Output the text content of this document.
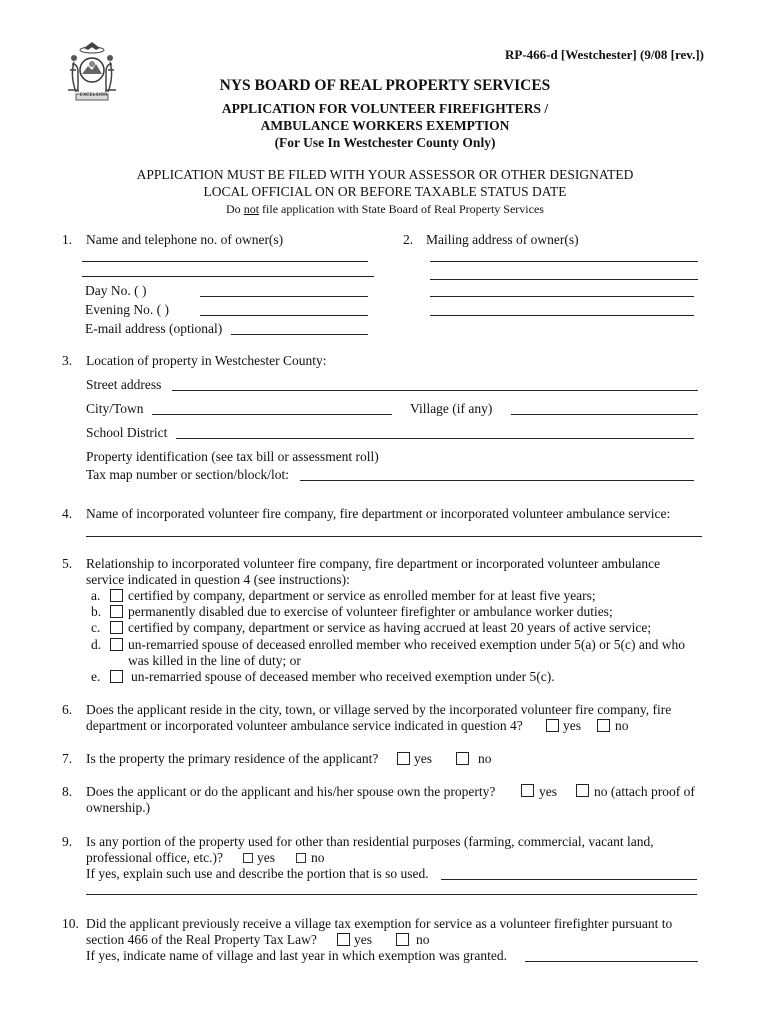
EXCELSIOR
RP-466-d [Westchester] (9/08 [rev.])
NYS BOARD OF REAL PROPERTY SERVICES
APPLICATION FOR VOLUNTEER FIREFIGHTERS /
AMBULANCE WORKERS EXEMPTION
(For Use In Westchester County Only)
APPLICATION MUST BE FILED WITH YOUR ASSESSOR OR OTHER DESIGNATED
LOCAL OFFICIAL ON OR BEFORE TAXABLE STATUS DATE
Do not file application with State Board of Real Property Services
1. Name and telephone no. of owner(s)
Day No. ( )
Evening No. ( )
E-mail address (optional)
2. Mailing address of owner(s)
3. Location of property in Westchester County:
Street address
City/Town	Village (if any)
School District
Property identification (see tax bill or assessment roll)
Tax map number or section/block/lot:
4. Name of incorporated volunteer fire company, fire department or incorporated volunteer ambulance service:
5. Relationship to incorporated volunteer fire company, fire department or incorporated volunteer ambulance
service indicated in question 4 (see instructions):
a. certified by company, department or service as enrolled member for at least five years;
b. permanently disabled due to exercise of volunteer firefighter or ambulance worker duties;
c. certified by company, department or service as having accrued at least 20 years of active service;
d. un-remarried spouse of deceased enrolled member who received exemption under 5(a) or 5(c) and who
was killed in the line of duty; or
e. un-remarried spouse of deceased member who received exemption under 5(c).
6. Does the applicant reside in the city, town, or village served by the incorporated volunteer fire company, fire
department or incorporated volunteer ambulance service indicated in question 4?	yes	no
7. Is the property the primary residence of the applicant?	yes	no
8. Does the applicant or do the applicant and his/her spouse own the property?	yes	no (attach proof of
ownership.)
9. Is any portion of the property used for other than residential purposes (farming, commercial, vacant land,
professional office, etc.)?	yes	no
If yes, explain such use and describe the portion that is so used.
10. Did the applicant previously receive a village tax exemption for service as a volunteer firefighter pursuant to
section 466 of the Real Property Tax Law?	yes	no
If yes, indicate name of village and last year in which exemption was granted.
